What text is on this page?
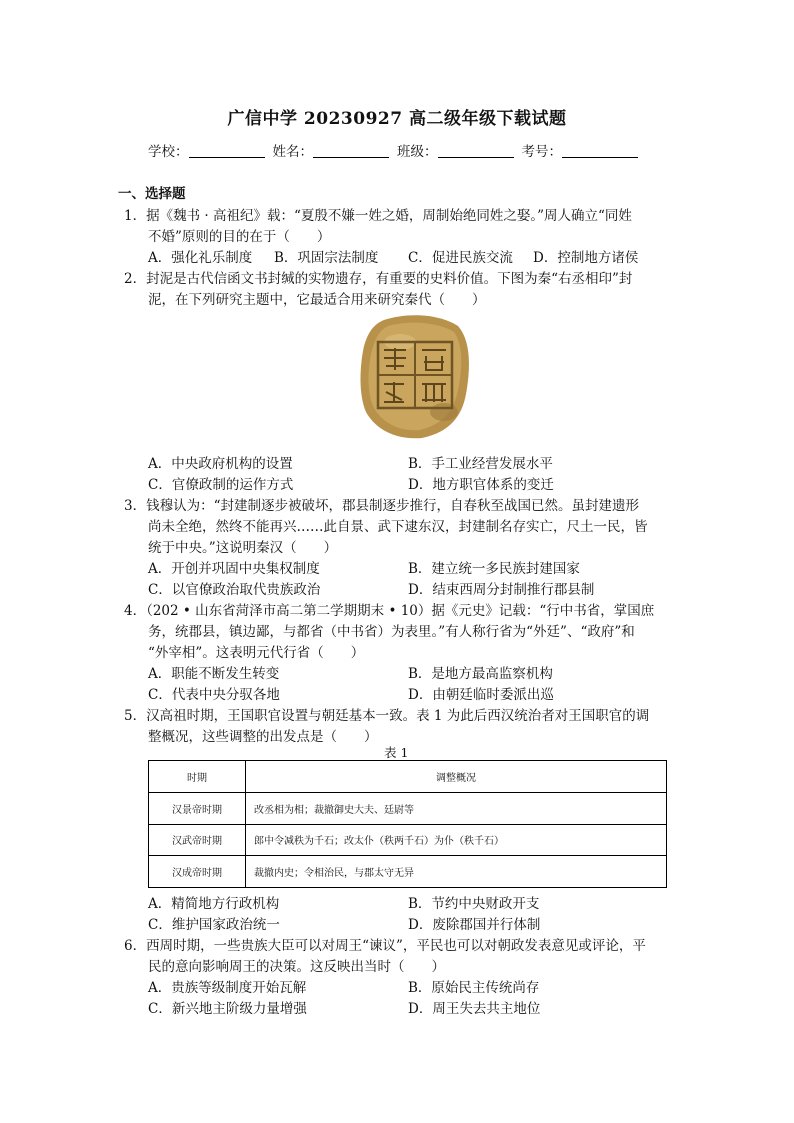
广信中学 20230927 高二级年级下载试题
学校：	姓名：	班级：	考号：
一、选择题
1．据《魏书 · 高祖纪》载：“夏殷不嫌一姓之婚，周制始绝同姓之娶。”周人确立“同姓
不婚”原则的目的在于（　　）
A．强化礼乐制度 B．巩固宗法制度 C．促进民族交流 D．控制地方诸侯
2．封泥是古代信函文书封缄的实物遗存，有重要的史料价值。下图为秦“右丞相印”封
泥，在下列研究主题中，它最适合用来研究秦代（　　）
A．中央政府机构的设置	B．手工业经营发展水平
C．官僚政制的运作方式	D．地方职官体系的变迁
3．钱穆认为：“封建制逐步被破坏，郡县制逐步推行，自春秋至战国已然。虽封建遗形
尚未全绝，然终不能再兴……此自景、武下逮东汉，封建制名存实亡，尺土一民，皆
统于中央。”这说明秦汉（　　）
A．开创并巩固中央集权制度	B．建立统一多民族封建国家
C．以官僚政治取代贵族政治	D．结束西周分封制推行郡县制
4．（202 • 山东省菏泽市高二第二学期期末 • 10）据《元史》记载：“行中书省，掌国庶
务，统郡县，镇边鄙，与都省（中书省）为表里。”有人称行省为“外廷”、“政府”和
“外宰相”。这表明元代行省（　　）
A．职能不断发生转变	B．是地方最高监察机构
C．代表中央分驭各地	D．由朝廷临时委派出巡
5．汉高祖时期，王国职官设置与朝廷基本一致。表 1 为此后西汉统治者对王国职官的调
整概况，这些调整的出发点是（　　）
表 1
时期	调整概况
汉景帝时期	改丞相为相；裁撤御史大夫、廷尉等
汉武帝时期	郎中令减秩为千石；改太仆（秩两千石）为仆（秩千石）
汉成帝时期	裁撤内史；令相治民，与郡太守无异
A．精简地方行政机构	B．节约中央财政开支
C．维护国家政治统一	D．废除郡国并行体制
6．西周时期，一些贵族大臣可以对周王“谏议”，平民也可以对朝政发表意见或评论，平
民的意向影响周王的决策。这反映出当时（　　）
A．贵族等级制度开始瓦解	B．原始民主传统尚存
C．新兴地主阶级力量增强	D．周王失去共主地位
